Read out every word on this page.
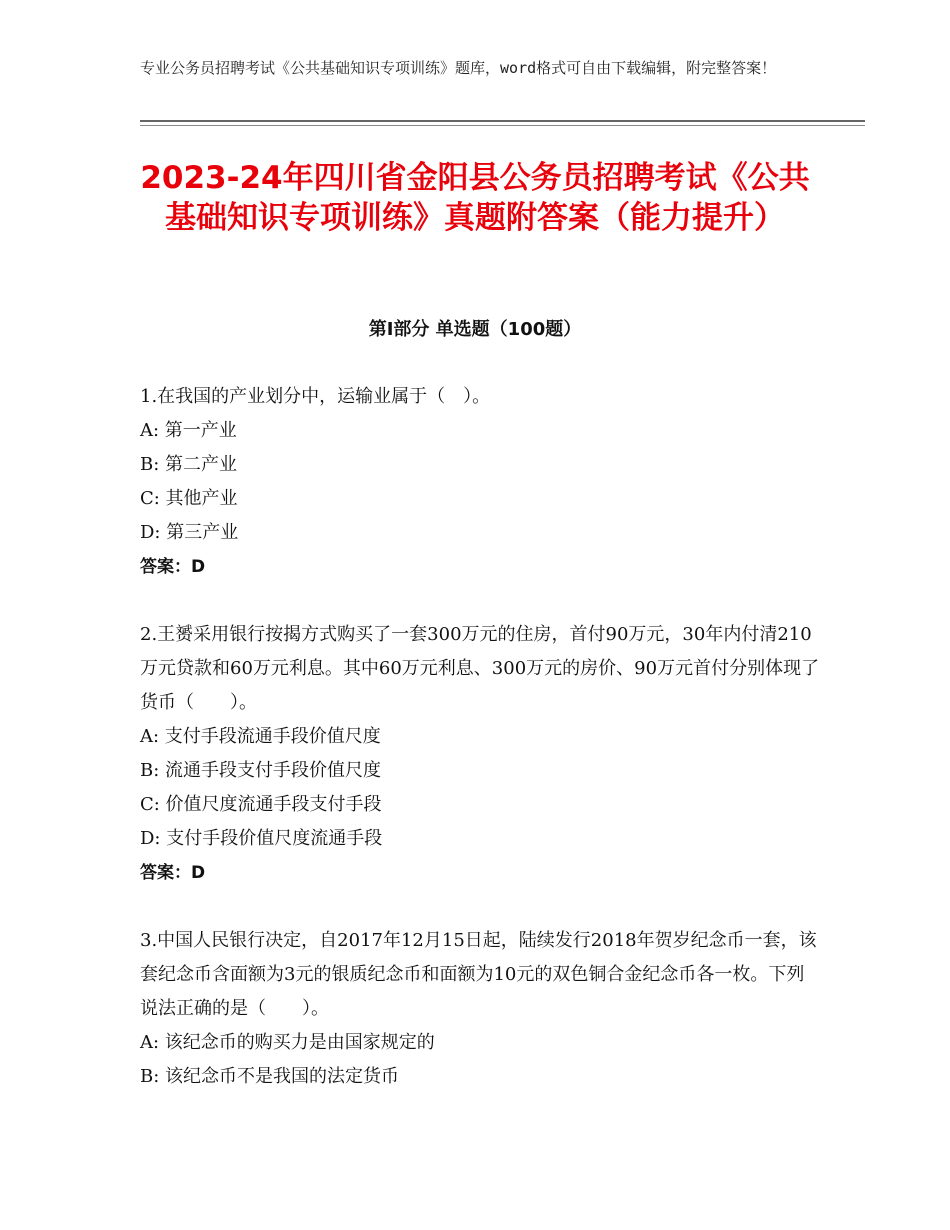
专业公务员招聘考试《公共基础知识专项训练》题库，word格式可自由下载编辑，附完整答案！
2023-24年四川省金阳县公务员招聘考试《公共基础知识专项训练》真题附答案（能力提升）
第Ⅰ部分 单选题（100题）
1.在我国的产业划分中，运输业属于（　）。
A: 第一产业
B: 第二产业
C: 其他产业
D: 第三产业
答案：D
2.王赟采用银行按揭方式购买了一套300万元的住房，首付90万元，30年内付清210万元贷款和60万元利息。其中60万元利息、300万元的房价、90万元首付分别体现了货币（　　）。
A: 支付手段流通手段价值尺度
B: 流通手段支付手段价值尺度
C: 价值尺度流通手段支付手段
D: 支付手段价值尺度流通手段
答案：D
3.中国人民银行决定，自2017年12月15日起，陆续发行2018年贺岁纪念币一套，该套纪念币含面额为3元的银质纪念币和面额为10元的双色铜合金纪念币各一枚。下列说法正确的是（　　）。
A: 该纪念币的购买力是由国家规定的
B: 该纪念币不是我国的法定货币
